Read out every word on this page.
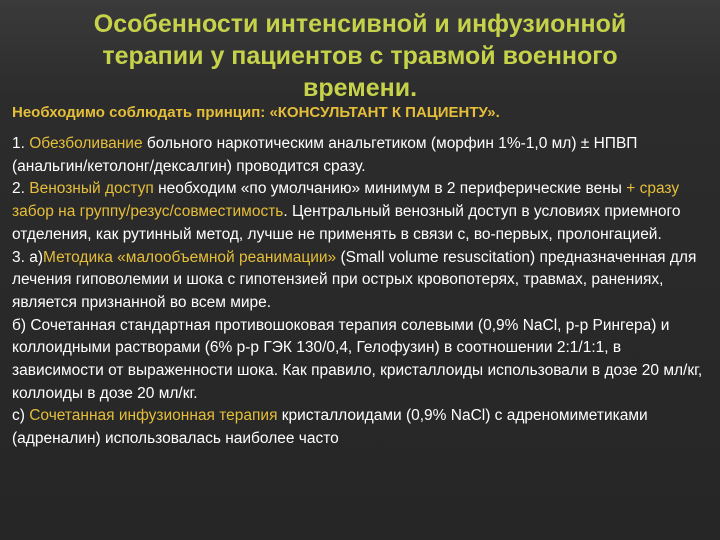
Особенности интенсивной и инфузионной
терапии у пациентов с травмой военного
времени.

Необходимо соблюдать принцип: «КОНСУЛЬТАНТ К ПАЦИЕНТУ».

1. Обезболивание больного наркотическим анальгетиком (морфин 1%-1,0 мл) ± НПВП (анальгин/кетолонг/дексалгин) проводится сразу.

2. Венозный доступ необходим «по умолчанию» минимум в 2 периферические вены + сразу забор на группу/резус/совместимость. Центральный венозный доступ в условиях приемного отделения, как рутинный метод, лучше не применять в связи с, во-первых, пролонгацией.

3. а)Методика «малообъемной реанимации» (Small volume resuscitation) предназначенная для лечения гиповолемии и шока с гипотензией при острых кровопотерях, травмах, ранениях, является признанной во всем мире.

б) Сочетанная стандартная противошоковая терапия солевыми (0,9% NaCl, р-р Рингера) и коллоидными растворами (6% р-р ГЭК 130/0,4, Гелофузин) в соотношении 2:1/1:1, в зависимости от выраженности шока. Как правило, кристаллоиды использовали в дозе 20 мл/кг, коллоиды в дозе 20 мл/кг.

с) Сочетанная инфузионная терапия кристаллоидами (0,9% NaCl) с адреномиметиками (адреналин) использовалась наиболее часто
